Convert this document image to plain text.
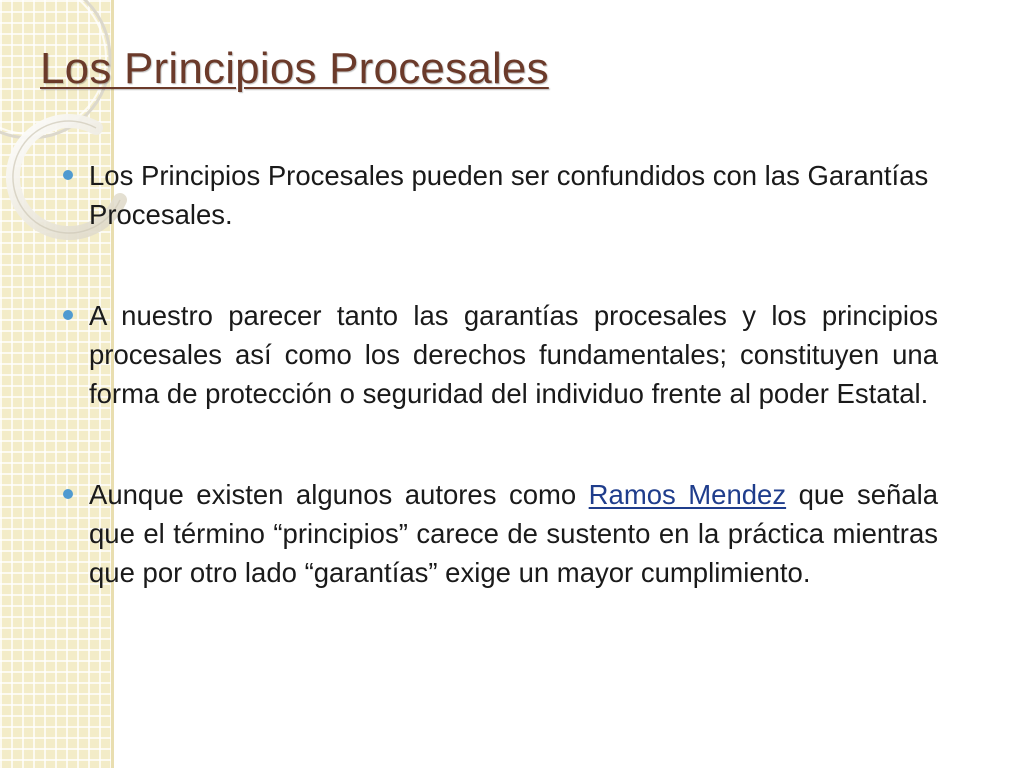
Los Principios Procesales

Los Principios Procesales pueden ser confundidos con las Garantías Procesales.

A nuestro parecer tanto las garantías procesales y los principios procesales así como los derechos fundamentales; constituyen una forma de protección o seguridad del individuo frente al poder Estatal.

Aunque existen algunos autores como Ramos Mendez que señala que el término “principios” carece de sustento en la práctica mientras que por otro lado “garantías” exige un mayor cumplimiento.
